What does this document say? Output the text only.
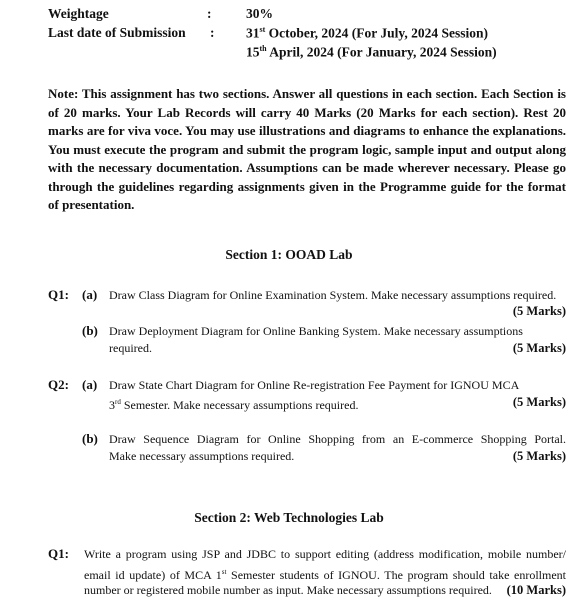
Weightage	:	30%
Last date of Submission : 31st October, 2024 (For July, 2024 Session)
15th April, 2024 (For January, 2024 Session)
Note: This assignment has two sections. Answer all questions in each section. Each Section is of 20 marks. Your Lab Records will carry 40 Marks (20 Marks for each section). Rest 20 marks are for viva voce. You may use illustrations and diagrams to enhance the explanations. You must execute the program and submit the program logic, sample input and output along with the necessary documentation. Assumptions can be made wherever necessary. Please go through the guidelines regarding assignments given in the Programme guide for the format of presentation.
Section 1: OOAD Lab
Q1: (a) Draw Class Diagram for Online Examination System. Make necessary assumptions required.
(5 Marks)
(b) Draw Deployment Diagram for Online Banking System. Make necessary assumptions
required.	(5 Marks)
Q2: (a) Draw State Chart Diagram for Online Re-registration Fee Payment for IGNOU MCA
3rd Semester. Make necessary assumptions required.	(5 Marks)
(b) Draw Sequence Diagram for Online Shopping from an E-commerce Shopping Portal.
Make necessary assumptions required.	(5 Marks)
Section 2: Web Technologies Lab
Q1: Write a program using JSP and JDBC to support editing (address modification, mobile number/
email id update) of MCA 1st Semester students of IGNOU. The program should take enrollment
number or registered mobile number as input. Make necessary assumptions required. (10 Marks)
